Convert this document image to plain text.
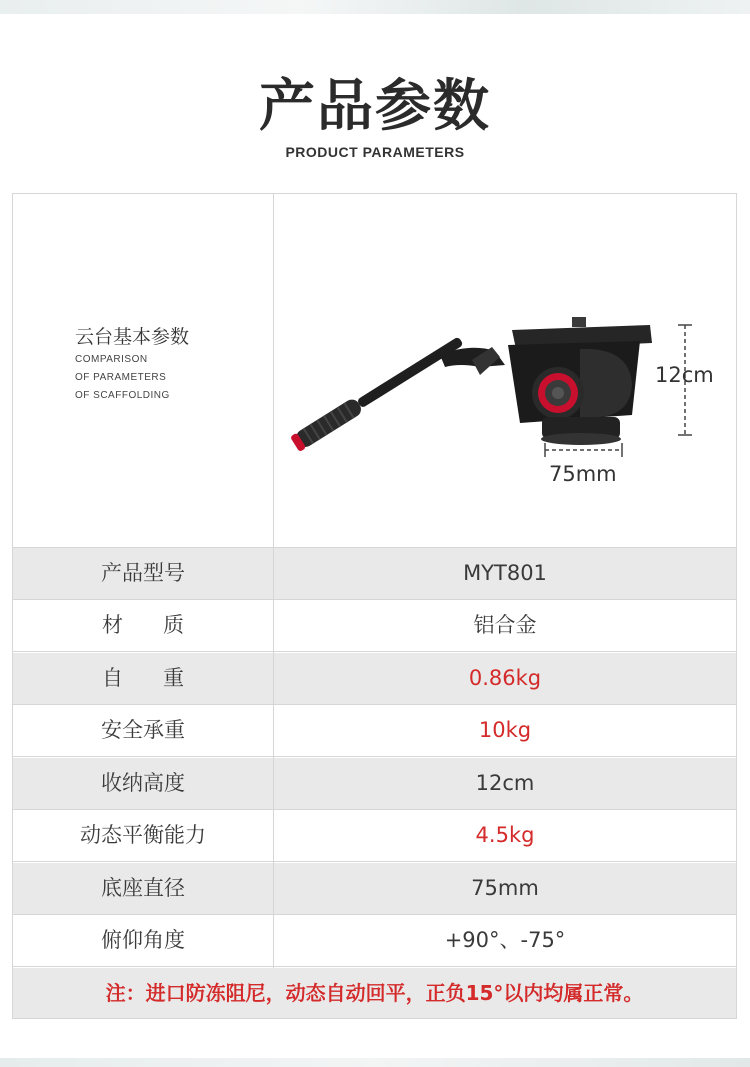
产品参数
PRODUCT PARAMETERS
云台基本参数
COMPARISON
OF PARAMETERS
OF SCAFFOLDING
12cm
75mm
产品型号	MYT801
材      质	铝合金
自      重	0.86kg
安全承重	10kg
收纳高度	12cm
动态平衡能力	4.5kg
底座直径	75mm
俯仰角度	+90°、-75°
注：进口防冻阻尼，动态自动回平，正负15°以内均属正常。
